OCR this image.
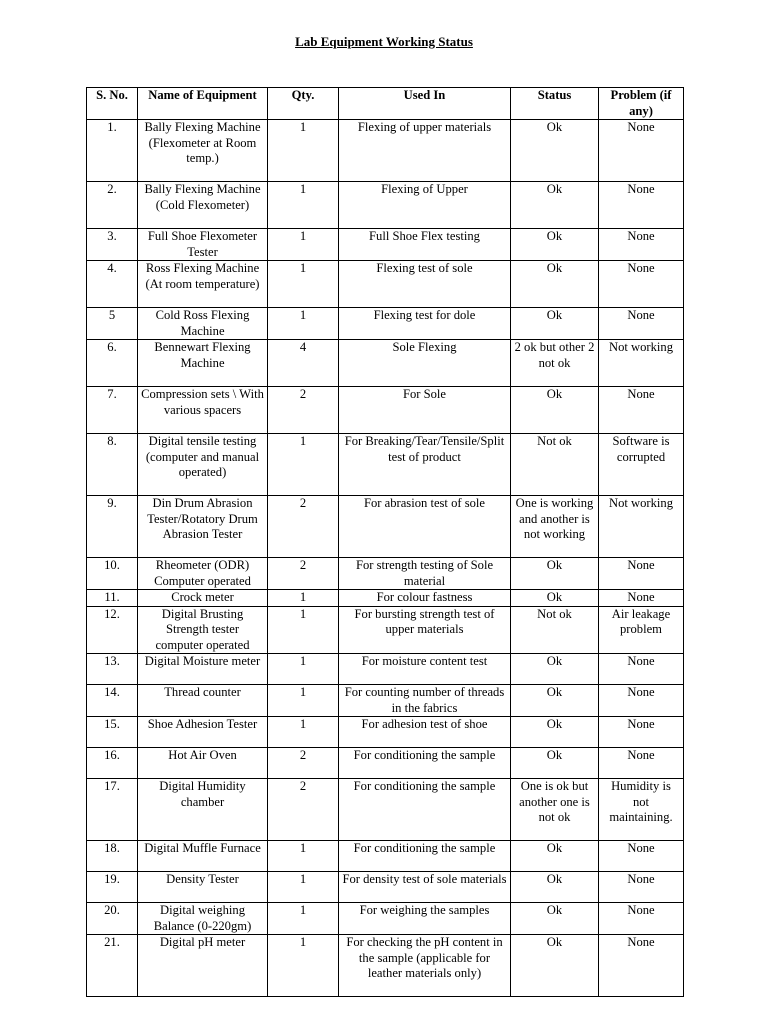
Lab Equipment Working Status
S. No.	Name of Equipment	Qty.	Used In	Status	Problem (if any)
1.	Bally Flexing Machine (Flexometer at Room temp.)	1	Flexing of upper materials	Ok	None
2.	Bally Flexing Machine (Cold Flexometer)	1	Flexing of Upper	Ok	None
3.	Full Shoe Flexometer Tester	1	Full Shoe Flex testing	Ok	None
4.	Ross Flexing Machine (At room temperature)	1	Flexing test of sole	Ok	None
5	Cold Ross Flexing Machine	1	Flexing test for dole	Ok	None
6.	Bennewart Flexing Machine	4	Sole Flexing	2 ok but other 2 not ok	Not working
7.	Compression sets \ With various spacers	2	For Sole	Ok	None
8.	Digital tensile testing (computer and manual operated)	1	For Breaking/Tear/Tensile/Split test of product	Not ok	Software is corrupted
9.	Din Drum Abrasion Tester/Rotatory Drum Abrasion Tester	2	For abrasion test of sole	One is working and another is not working	Not working
10.	Rheometer (ODR) Computer operated	2	For strength testing of Sole material	Ok	None
11.	Crock meter	1	For colour fastness	Ok	None
12.	Digital Brusting Strength tester computer operated	1	For bursting strength test of upper materials	Not ok	Air leakage problem
13.	Digital Moisture meter	1	For moisture content test	Ok	None
14.	Thread counter	1	For counting number of threads in the fabrics	Ok	None
15.	Shoe Adhesion Tester	1	For adhesion test of shoe	Ok	None
16.	Hot Air Oven	2	For conditioning the sample	Ok	None
17.	Digital Humidity chamber	2	For conditioning the sample	One is ok but another one is not ok	Humidity is not maintaining.
18.	Digital Muffle Furnace	1	For conditioning the sample	Ok	None
19.	Density Tester	1	For density test of sole materials	Ok	None
20.	Digital weighing Balance (0-220gm)	1	For weighing the samples	Ok	None
21.	Digital pH meter	1	For checking the pH content in the sample (applicable for leather materials only)	Ok	None
